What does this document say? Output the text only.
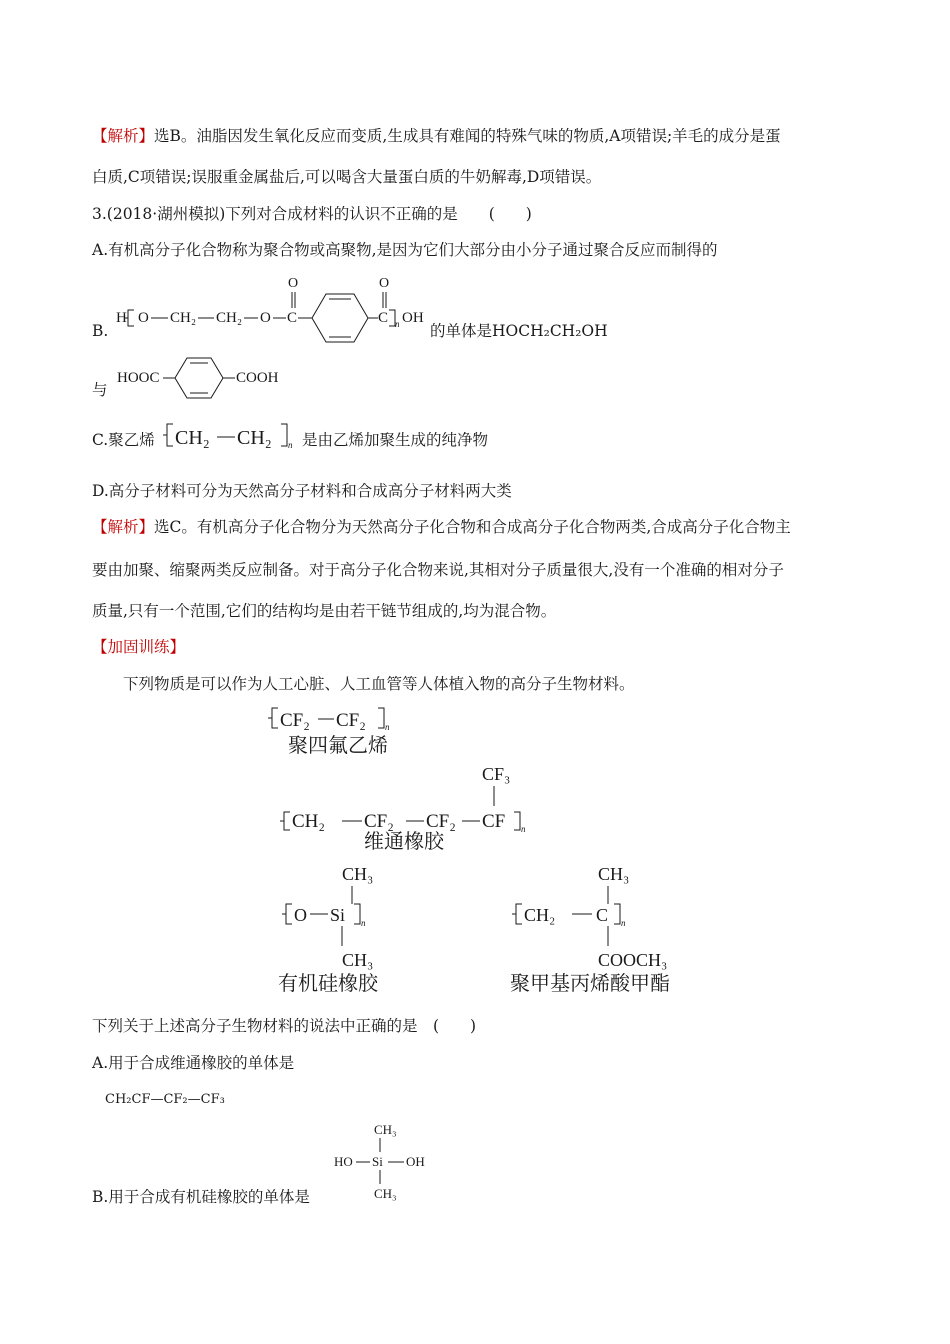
【解析】选B。油脂因发生氧化反应而变质,生成具有难闻的特殊气味的物质,A项错误;羊毛的成分是蛋
白质,C项错误;误服重金属盐后,可以喝含大量蛋白质的牛奶解毒,D项错误。
3.(2018·湖州模拟)下列对合成材料的认识不正确的是　　(　　)
A.有机高分子化合物称为聚合物或高聚物,是因为它们大部分由小分子通过聚合反应而制得的
B.
H O CH₂ CH₂ O C
O
C
O
n OH
的单体是HOCH₂CH₂OH
与
HOOC	COOH
C.聚乙烯 CH₂ CH₂ n 是由乙烯加聚生成的纯净物
D.高分子材料可分为天然高分子材料和合成高分子材料两大类
【解析】选C。有机高分子化合物分为天然高分子化合物和合成高分子化合物两类,合成高分子化合物主
要由加聚、缩聚两类反应制备。对于高分子化合物来说,其相对分子质量很大,没有一个准确的相对分子
质量,只有一个范围,它们的结构均是由若干链节组成的,均为混合物。
【加固训练】
下列物质是可以作为人工心脏、人工血管等人体植入物的高分子生物材料。
CF₂ CF₂ n
聚四氟乙烯
CF₃
CH₂ CF₂ CF₂ CF n
维通橡胶
CH₃
O Si n
CH₃
有机硅橡胶
CH₃
CH₂ C n
COOCH₃
聚甲基丙烯酸甲酯
下列关于上述高分子生物材料的说法中正确的是　(　　)
A.用于合成维通橡胶的单体是
CH₂CF—CF₂—CF₃
CH₃
HO Si OH
CH₃
B.用于合成有机硅橡胶的单体是
